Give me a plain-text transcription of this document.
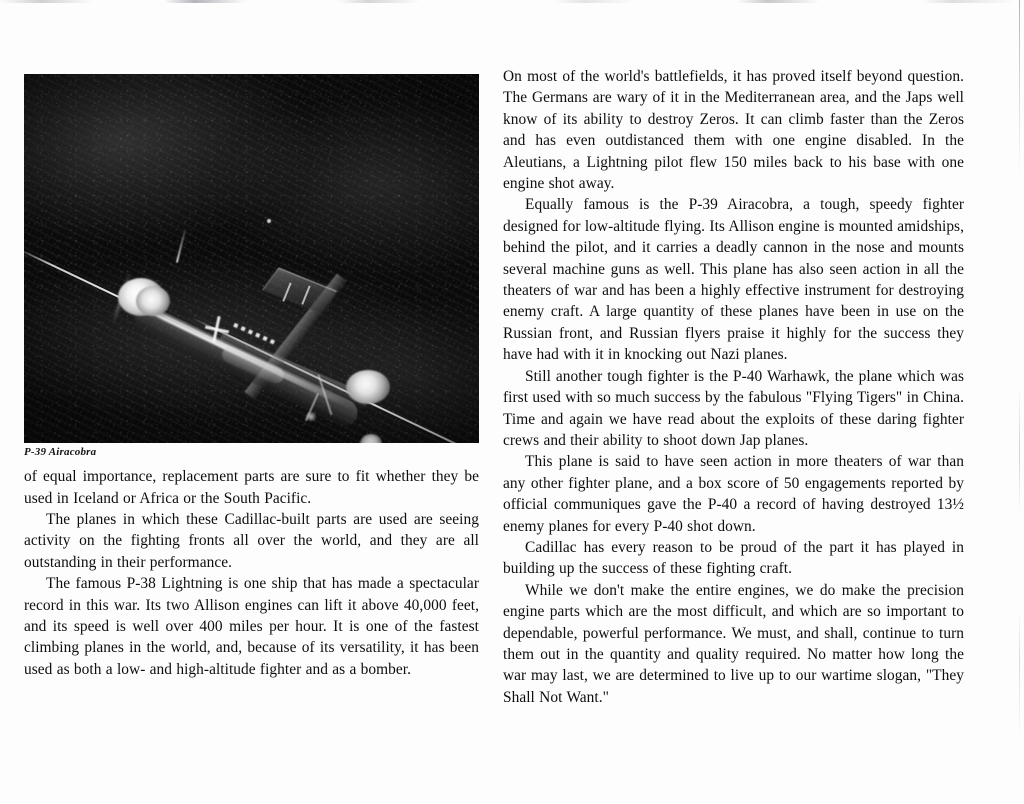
P-39 Airacobra

of equal importance, replacement parts are sure to fit whether they be used in Iceland or Africa or the South Pacific.

The planes in which these Cadillac-built parts are used are seeing activity on the fighting fronts all over the world, and they are all outstanding in their performance.

The famous P-38 Lightning is one ship that has made a spectacular record in this war. Its two Allison engines can lift it above 40,000 feet, and its speed is well over 400 miles per hour. It is one of the fastest climbing planes in the world, and, because of its versatility, it has been used as both a low- and high-altitude fighter and as a bomber.

On most of the world's battlefields, it has proved itself beyond question. The Germans are wary of it in the Mediterranean area, and the Japs well know of its ability to destroy Zeros. It can climb faster than the Zeros and has even outdistanced them with one engine disabled. In the Aleutians, a Lightning pilot flew 150 miles back to his base with one engine shot away.

Equally famous is the P-39 Airacobra, a tough, speedy fighter designed for low-altitude flying. Its Allison engine is mounted amidships, behind the pilot, and it carries a deadly cannon in the nose and mounts several machine guns as well. This plane has also seen action in all the theaters of war and has been a highly effective instrument for destroying enemy craft. A large quantity of these planes have been in use on the Russian front, and Russian flyers praise it highly for the success they have had with it in knocking out Nazi planes.

Still another tough fighter is the P-40 Warhawk, the plane which was first used with so much success by the fabulous "Flying Tigers" in China. Time and again we have read about the exploits of these daring fighter crews and their ability to shoot down Jap planes.

This plane is said to have seen action in more theaters of war than any other fighter plane, and a box score of 50 engagements reported by official communiques gave the P-40 a record of having destroyed 13½ enemy planes for every P-40 shot down.

Cadillac has every reason to be proud of the part it has played in building up the success of these fighting craft.

While we don't make the entire engines, we do make the precision engine parts which are the most difficult, and which are so important to dependable, powerful performance. We must, and shall, continue to turn them out in the quantity and quality required. No matter how long the war may last, we are determined to live up to our wartime slogan, "They Shall Not Want."
